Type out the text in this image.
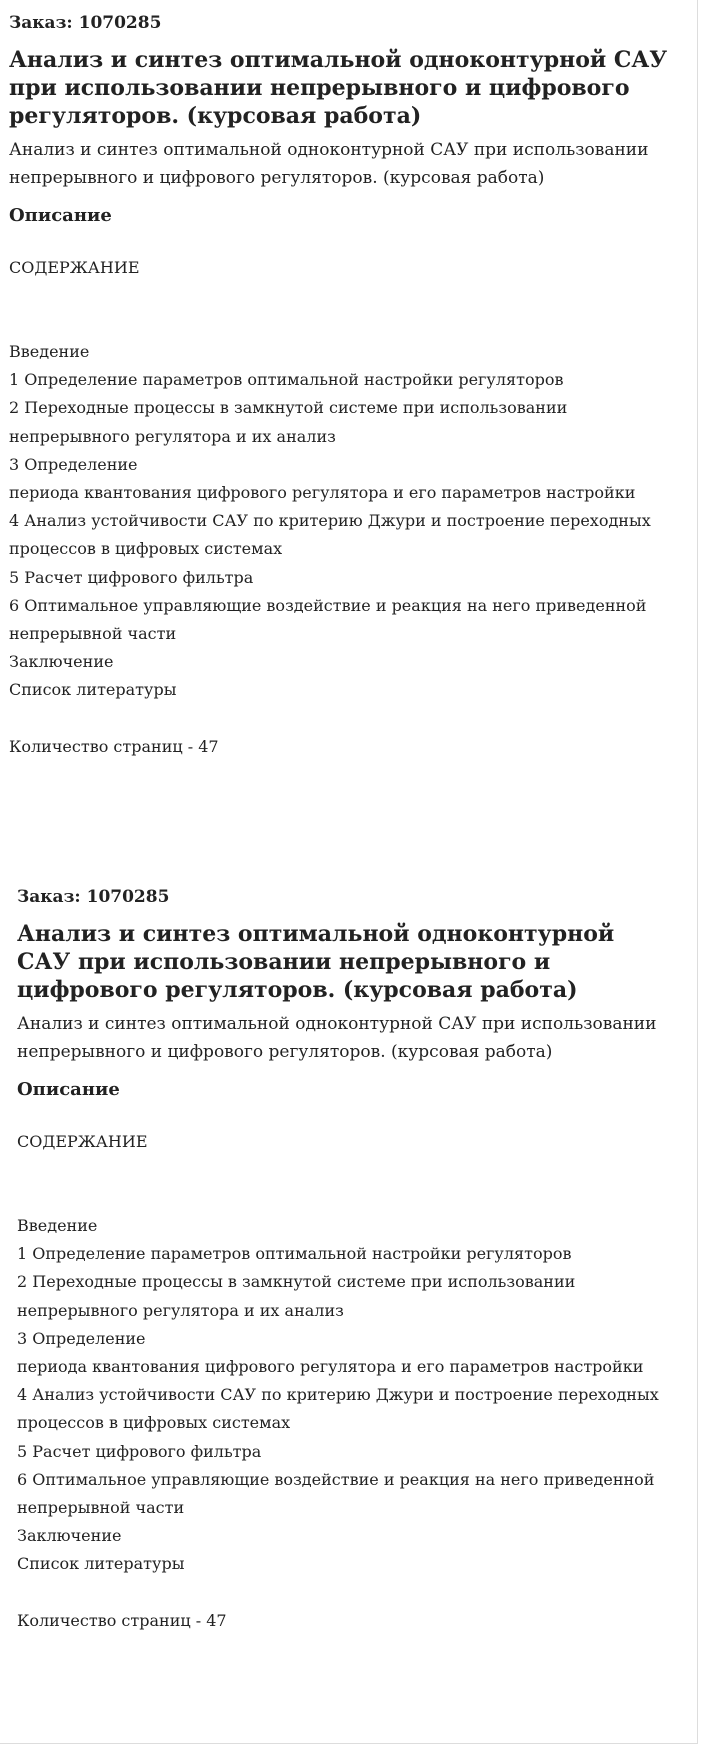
Заказ: 1070285
Анализ и синтез оптимальной одноконтурной САУ при использовании непрерывного и цифрового регуляторов. (курсовая работа)
Анализ и синтез оптимальной одноконтурной САУ при использовании непрерывного и цифрового регуляторов. (курсовая работа)
Описание
СОДЕРЖАНИЕ
Введение
1 Определение параметров оптимальной настройки регуляторов
2 Переходные процессы в замкнутой системе при использовании непрерывного регулятора и их анализ
3 Определение
периода квантования цифрового регулятора и его параметров настройки
4 Анализ устойчивости САУ по критерию Джури и построение переходных процессов в цифровых системах
5 Расчет цифрового фильтра
6 Оптимальное управляющие воздействие и реакция на него приведенной непрерывной части
Заключение
Список литературы
Количество страниц - 47
Заказ: 1070285
Анализ и синтез оптимальной одноконтурной САУ при использовании непрерывного и цифрового регуляторов. (курсовая работа)
Анализ и синтез оптимальной одноконтурной САУ при использовании непрерывного и цифрового регуляторов. (курсовая работа)
Описание
СОДЕРЖАНИЕ
Введение
1 Определение параметров оптимальной настройки регуляторов
2 Переходные процессы в замкнутой системе при использовании непрерывного регулятора и их анализ
3 Определение
периода квантования цифрового регулятора и его параметров настройки
4 Анализ устойчивости САУ по критерию Джури и построение переходных процессов в цифровых системах
5 Расчет цифрового фильтра
6 Оптимальное управляющие воздействие и реакция на него приведенной непрерывной части
Заключение
Список литературы
Количество страниц - 47
